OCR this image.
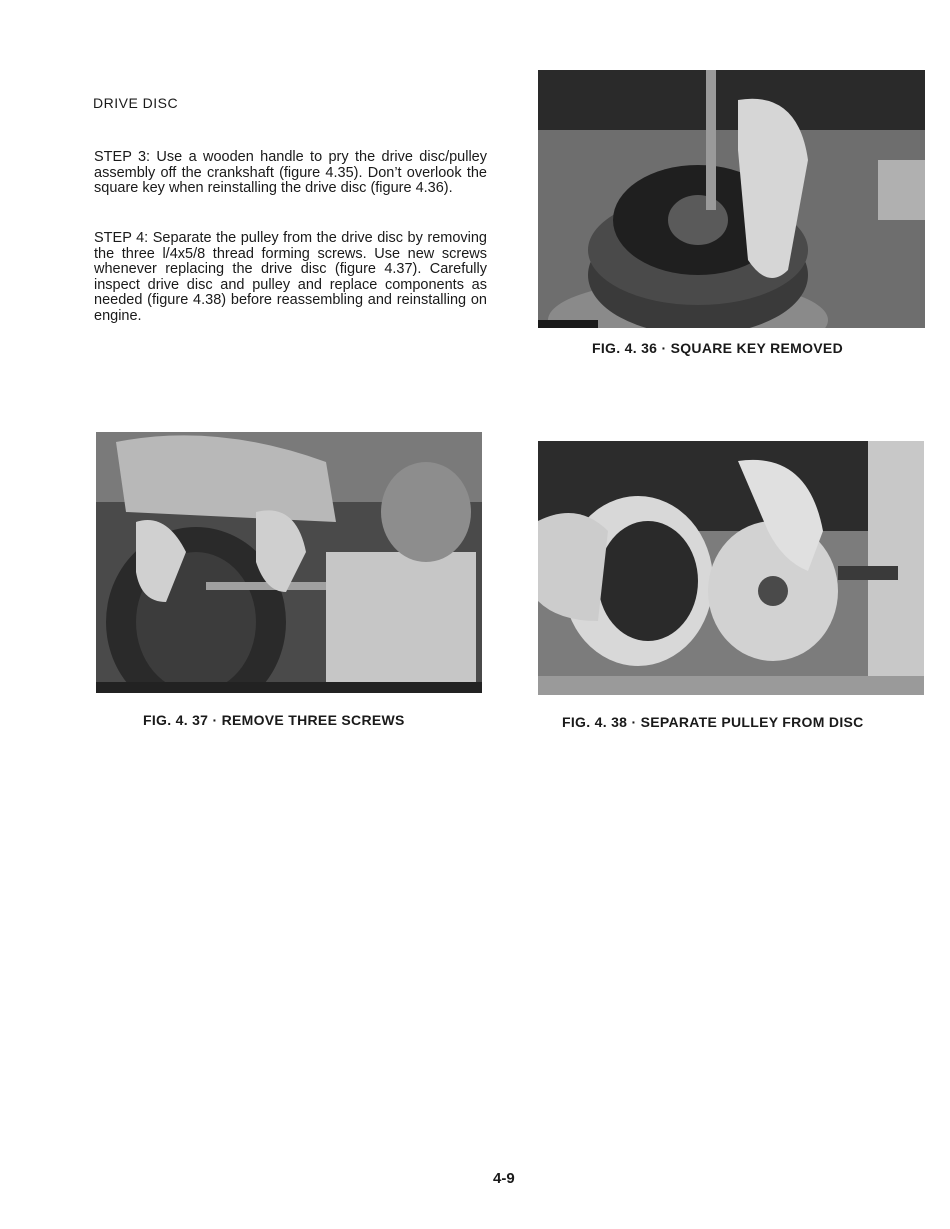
DRIVE DISC

STEP 3: Use a wooden handle to pry the drive disc/pulley assembly off the crankshaft (figure 4.35). Don’t overlook the square key when reinstalling the drive disc (figure 4.36).

STEP 4: Separate the pulley from the drive disc by removing the three l/4x5/8 thread forming screws. Use new screws whenever replacing the drive disc (figure 4.37). Carefully inspect drive disc and pulley and replace components as needed (figure 4.38) before reassembling and reinstalling on engine.

FIG. 4. 36 · SQUARE KEY REMOVED
FIG. 4. 37 · REMOVE THREE SCREWS	FIG. 4. 38 · SEPARATE PULLEY FROM DISC
4-9
